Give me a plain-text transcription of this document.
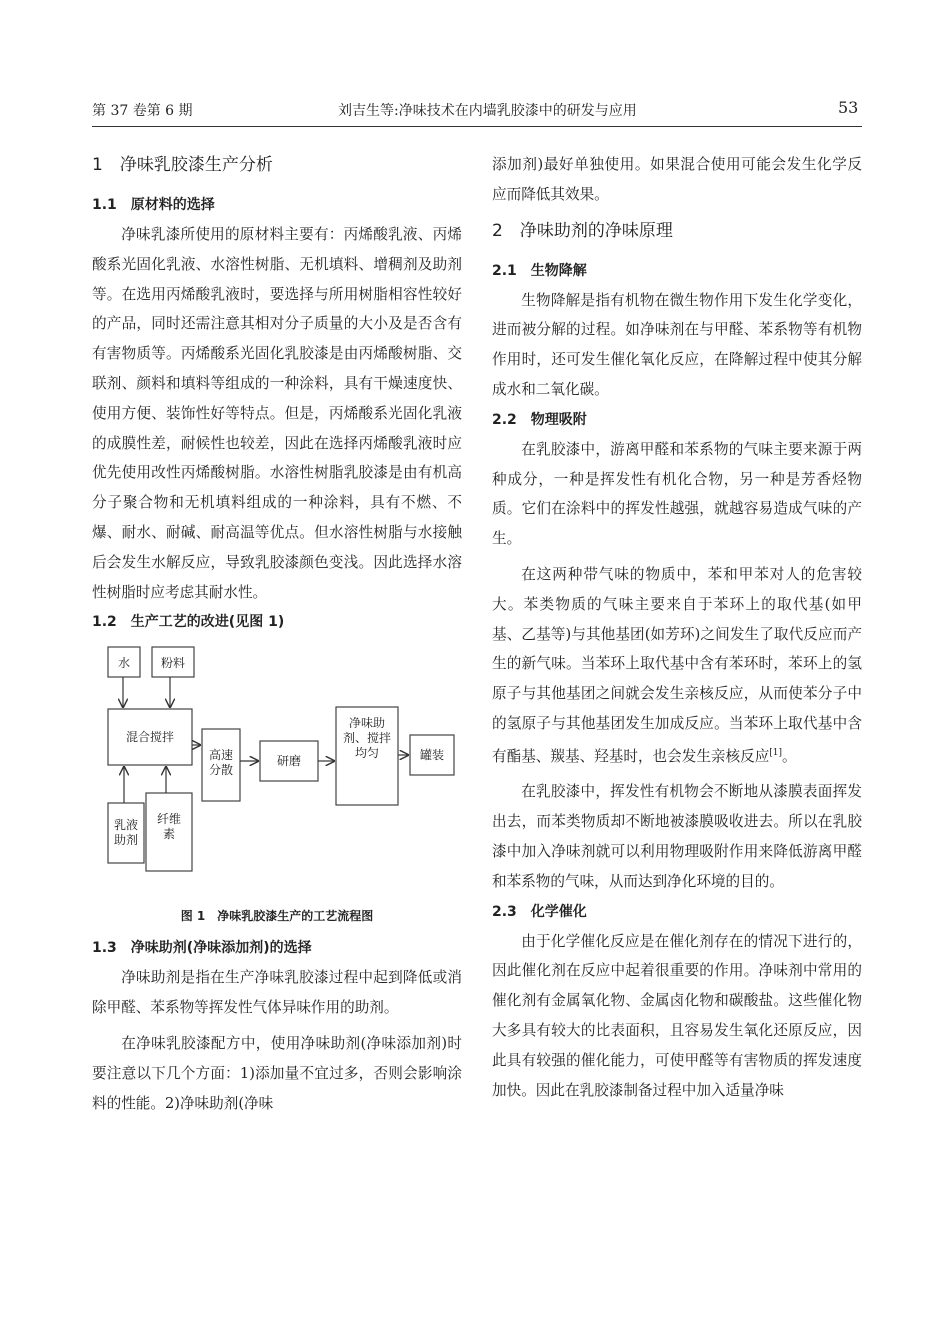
第 37 卷第 6 期	刘吉生等:净味技术在内墙乳胶漆中的研发与应用	53
1　净味乳胶漆生产分析
1.1　原材料的选择

净味乳漆所使用的原材料主要有：丙烯酸乳液、丙烯酸系光固化乳液、水溶性树脂、无机填料、增稠剂及助剂等。在选用丙烯酸乳液时，要选择与所用树脂相容性较好的产品，同时还需注意其相对分子质量的大小及是否含有有害物质等。丙烯酸系光固化乳胶漆是由丙烯酸树脂、交联剂、颜料和填料等组成的一种涂料，具有干燥速度快、使用方便、装饰性好等特点。但是，丙烯酸系光固化乳液的成膜性差，耐候性也较差，因此在选择丙烯酸乳液时应优先使用改性丙烯酸树脂。水溶性树脂乳胶漆是由有机高分子聚合物和无机填料组成的一种涂料，具有不燃、不爆、耐水、耐碱、耐高温等优点。但水溶性树脂与水接触后会发生水解反应，导致乳胶漆颜色变浅。因此选择水溶性树脂时应考虑其耐水性。

1.2　生产工艺的改进(见图 1)
水	粉料
混合搅拌
研磨	罐装
高速分散
净味助剂、搅拌均匀
乳液助剂
纤维素
图 1　净味乳胶漆生产的工艺流程图
1.3　净味助剂(净味添加剂)的选择

净味助剂是指在生产净味乳胶漆过程中起到降低或消除甲醛、苯系物等挥发性气体异味作用的助剂。

在净味乳胶漆配方中，使用净味助剂(净味添加剂)时要注意以下几个方面：1)添加量不宜过多，否则会影响涂料的性能。2)净味助剂(净味

添加剂)最好单独使用。如果混合使用可能会发生化学反应而降低其效果。

2　净味助剂的净味原理
2.1　生物降解

生物降解是指有机物在微生物作用下发生化学变化，进而被分解的过程。如净味剂在与甲醛、苯系物等有机物作用时，还可发生催化氧化反应，在降解过程中使其分解成水和二氧化碳。

2.2　物理吸附

在乳胶漆中，游离甲醛和苯系物的气味主要来源于两种成分，一种是挥发性有机化合物，另一种是芳香烃物质。它们在涂料中的挥发性越强，就越容易造成气味的产生。

在这两种带气味的物质中，苯和甲苯对人的危害较大。苯类物质的气味主要来自于苯环上的取代基(如甲基、乙基等)与其他基团(如芳环)之间发生了取代反应而产生的新气味。当苯环上取代基中含有苯环时，苯环上的氢原子与其他基团之间就会发生亲核反应，从而使苯分子中的氢原子与其他基团发生加成反应。当苯环上取代基中含有酯基、羰基、羟基时，也会发生亲核反应[1]。

在乳胶漆中，挥发性有机物会不断地从漆膜表面挥发出去，而苯类物质却不断地被漆膜吸收进去。所以在乳胶漆中加入净味剂就可以利用物理吸附作用来降低游离甲醛和苯系物的气味，从而达到净化环境的目的。

2.3　化学催化

由于化学催化反应是在催化剂存在的情况下进行的，因此催化剂在反应中起着很重要的作用。净味剂中常用的催化剂有金属氧化物、金属卤化物和碳酸盐。这些催化物大多具有较大的比表面积，且容易发生氧化还原反应，因此具有较强的催化能力，可使甲醛等有害物质的挥发速度加快。因此在乳胶漆制备过程中加入适量净味
